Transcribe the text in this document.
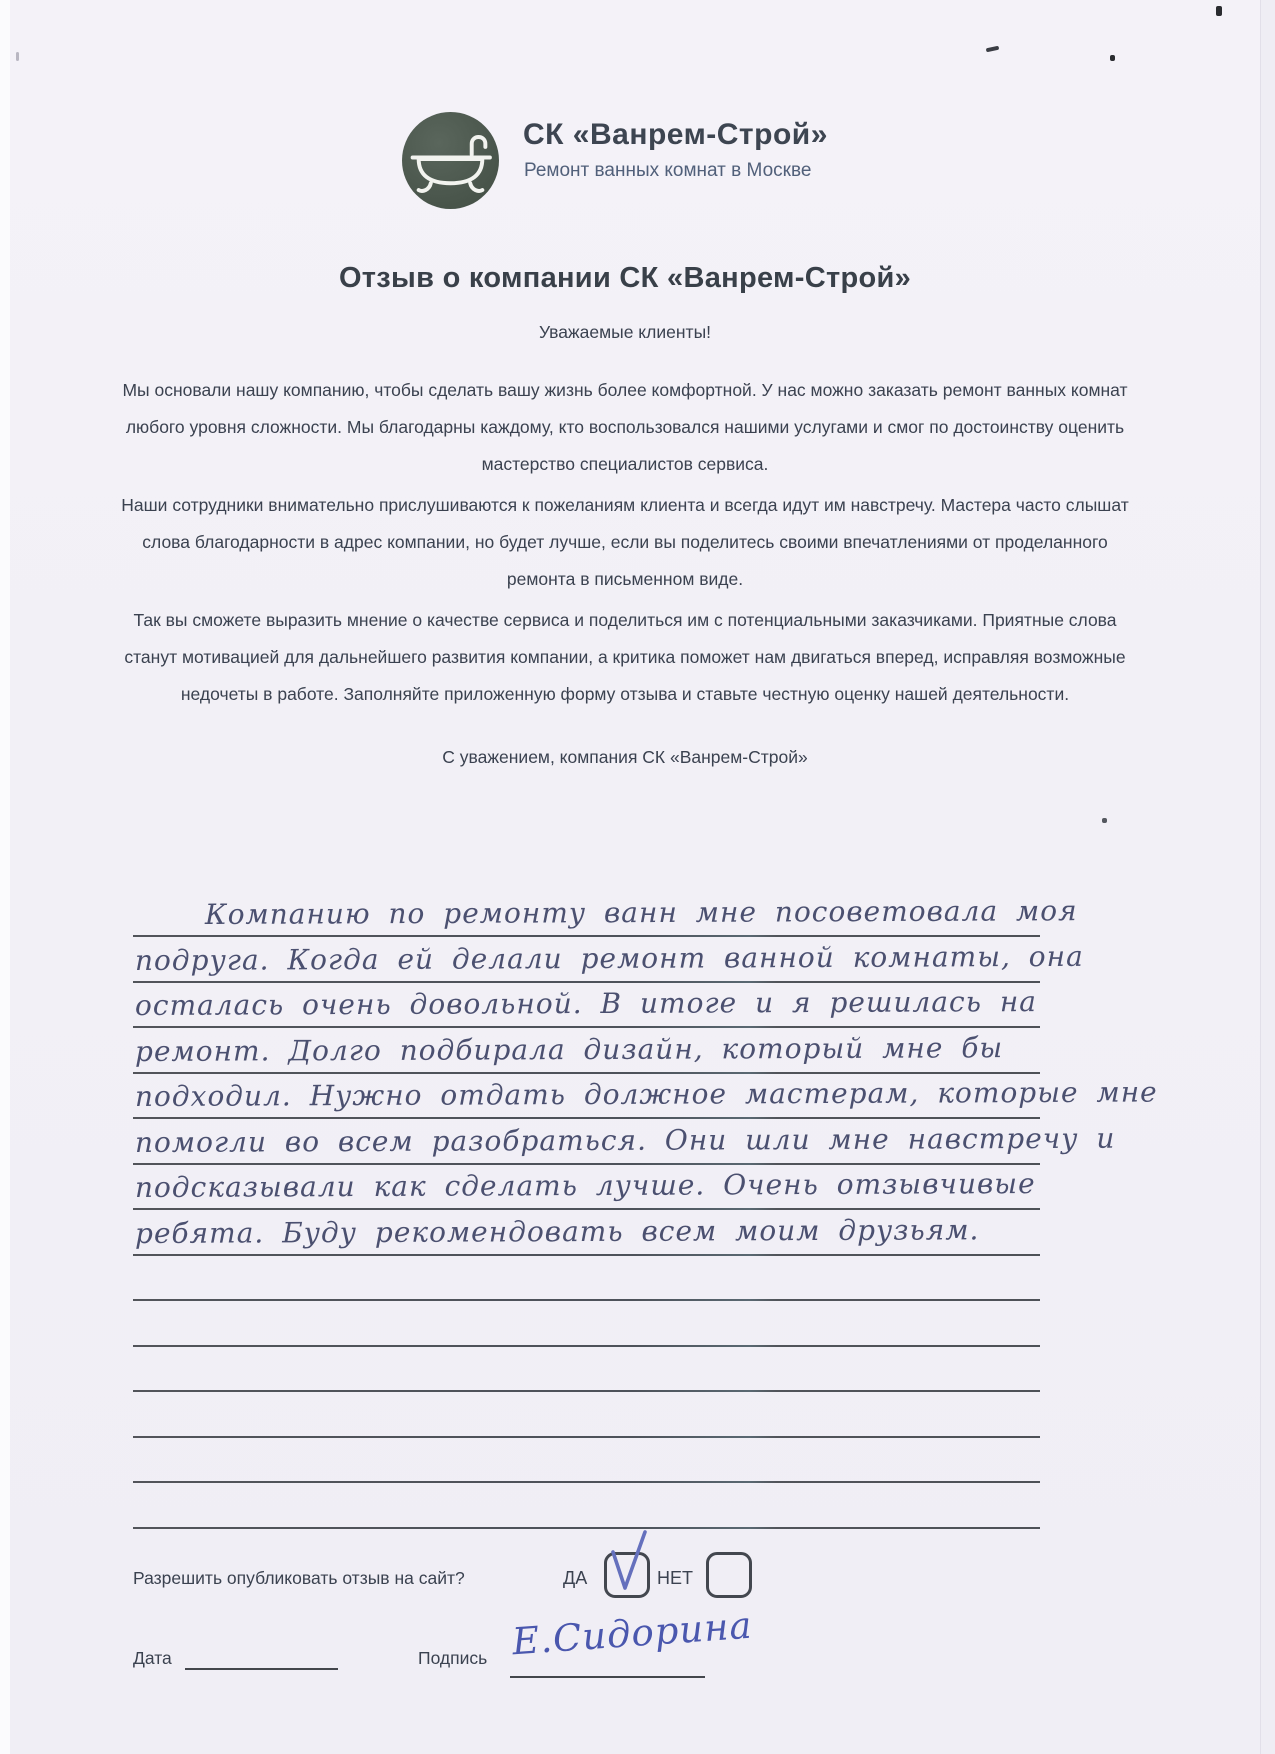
СК «Ванрем-Строй»
Ремонт ванных комнат в Москве
Отзыв о компании СК «Ванрем-Строй»
Уважаемые клиенты!

Мы основали нашу компанию, чтобы сделать вашу жизнь более комфортной. У нас можно заказать ремонт ванных комнат любого уровня сложности. Мы благодарны каждому, кто воспользовался нашими услугами и смог по достоинству оценить мастерство специалистов сервиса.

Наши сотрудники внимательно прислушиваются к пожеланиям клиента и всегда идут им навстречу. Мастера часто слышат слова благодарности в адрес компании, но будет лучше, если вы поделитесь своими впечатлениями от проделанного ремонта в письменном виде.

Так вы сможете выразить мнение о качестве сервиса и поделиться им с потенциальными заказчиками. Приятные слова станут мотивацией для дальнейшего развития компании, а критика поможет нам двигаться вперед, исправляя возможные недочеты в работе. Заполняйте приложенную форму отзыва и ставьте честную оценку нашей деятельности.

С уважением, компания СК «Ванрем-Строй»
Компанию по ремонту ванн мне посоветовала моя
подруга. Когда ей делали ремонт ванной комнаты, она
осталась очень довольной. В итоге и я решилась на
ремонт. Долго подбирала дизайн, который мне бы
подходил. Нужно отдать должное мастерам, которые мне
помогли во всем разобраться. Они шли мне навстречу и
подсказывали как сделать лучше. Очень отзывчивые
ребята. Буду рекомендовать всем моим друзьям.
Разрешить опубликовать отзыв на сайт?	ДА	НЕТ
Дата	Подпись Е.Сидорина
